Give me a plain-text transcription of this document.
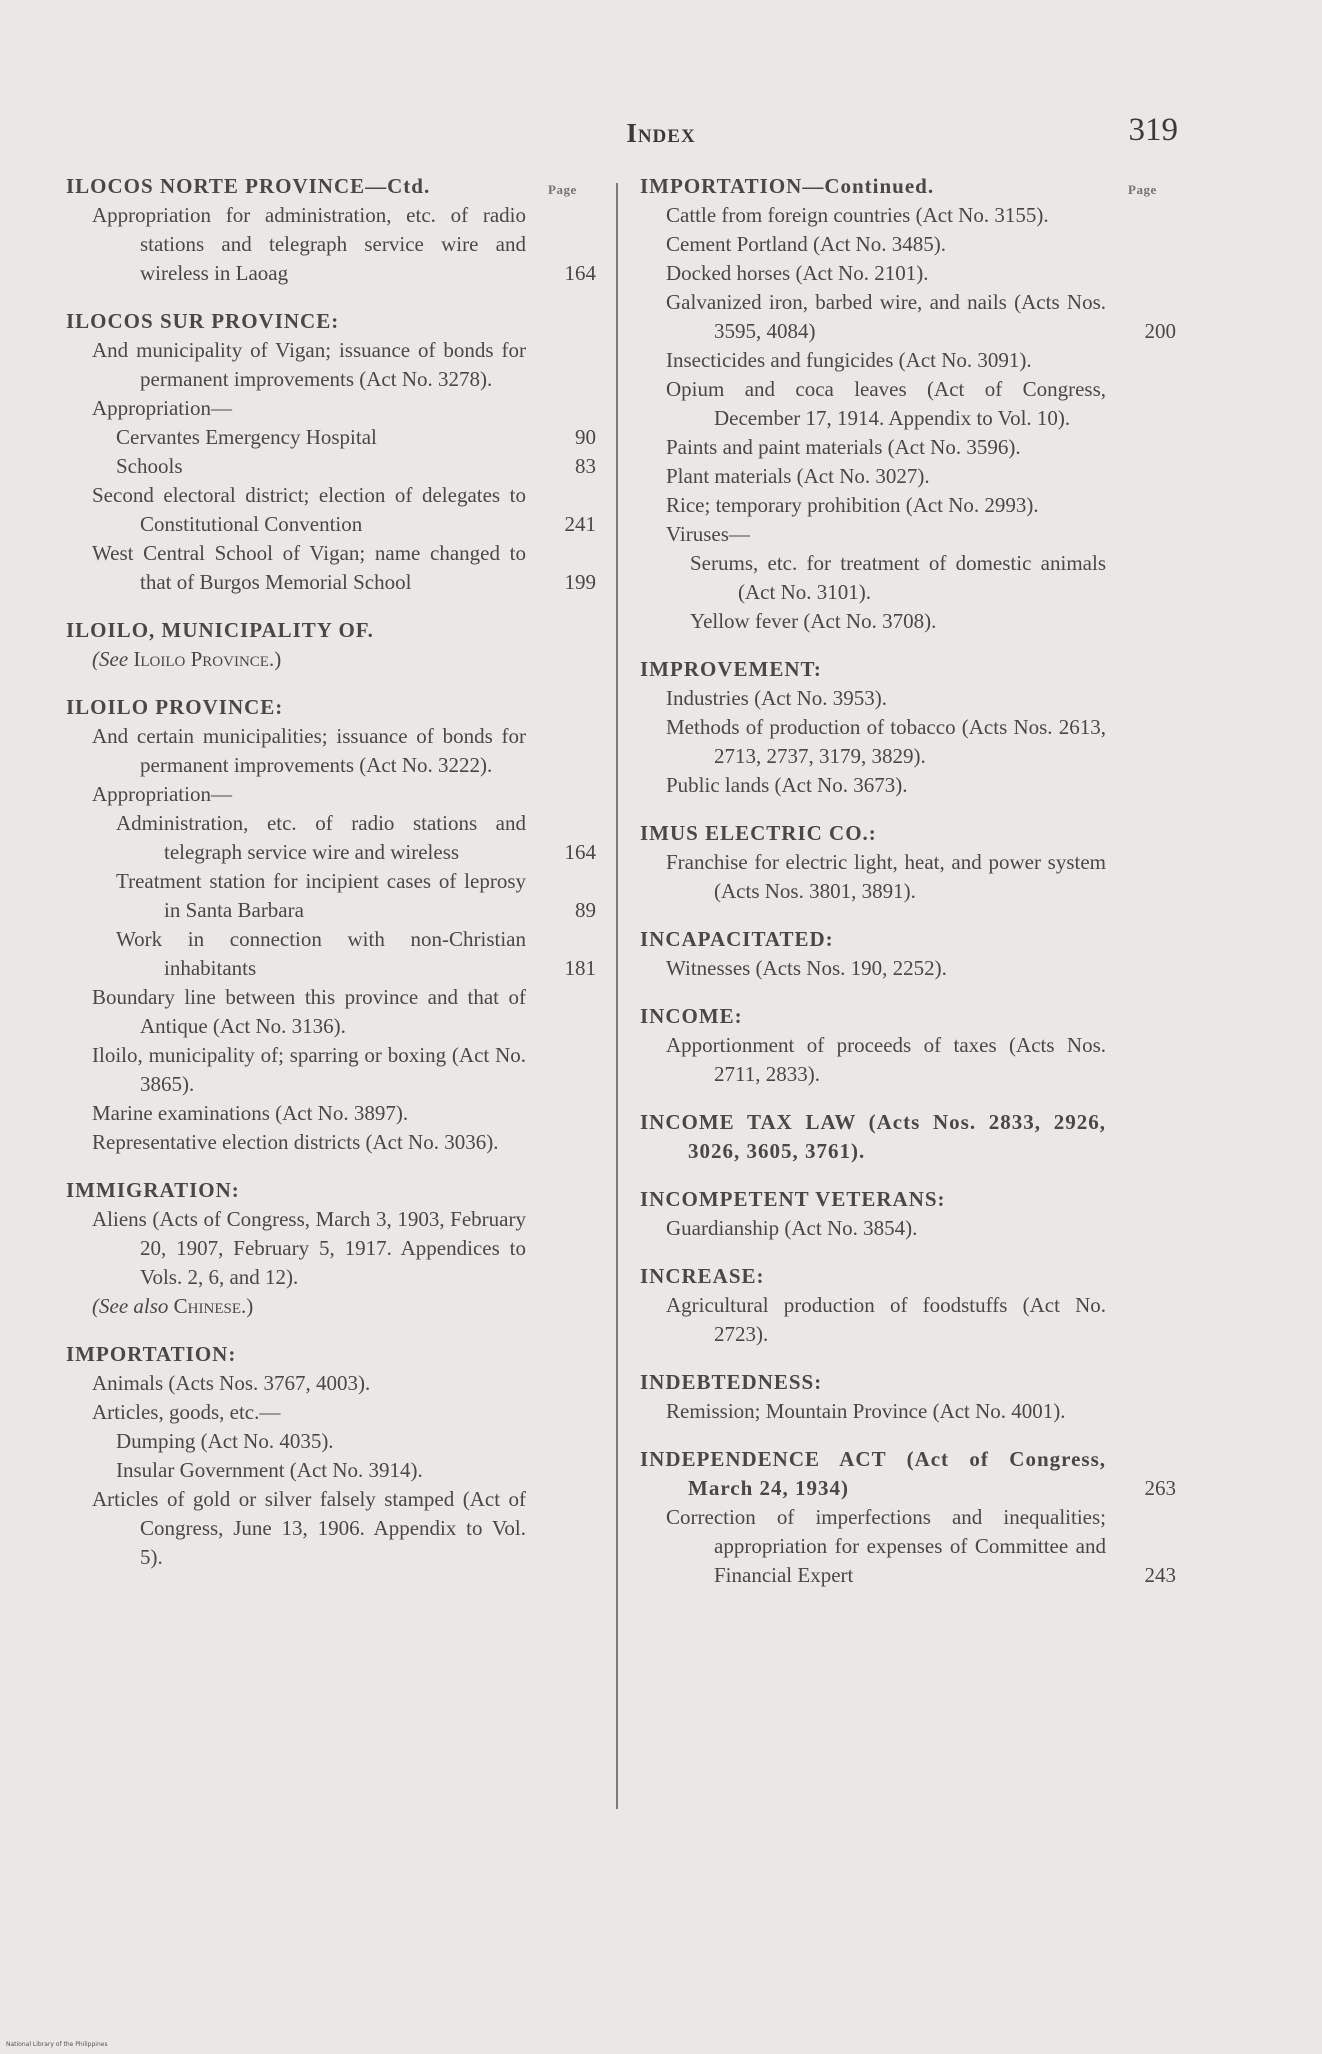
Index	319
Page	Page
ILOCOS NORTE PROVINCE—Ctd.
Appropriation for administration, etc. of radio stations and telegraph service wire and wireless in Laoag	164
ILOCOS SUR PROVINCE:
And municipality of Vigan; issuance of bonds for permanent improvements (Act No. 3278).
Appropriation—
Cervantes Emergency Hospital	90
Schools	83
Second electoral district; election of delegates to Constitutional Convention	241
West Central School of Vigan; name changed to that of Burgos Memorial School	199
ILOILO, MUNICIPALITY OF.
(See Iloilo Province.)
ILOILO PROVINCE:
And certain municipalities; issuance of bonds for permanent improvements (Act No. 3222).
Appropriation—
Administration, etc. of radio stations and telegraph service wire and wireless	164
Treatment station for incipient cases of leprosy in Santa Barbara	89
Work in connection with non-Christian inhabitants	181
Boundary line between this province and that of Antique (Act No. 3136).
Iloilo, municipality of; sparring or boxing (Act No. 3865).
Marine examinations (Act No. 3897).
Representative election districts (Act No. 3036).
IMMIGRATION:
Aliens (Acts of Congress, March 3, 1903, February 20, 1907, February 5, 1917. Appendices to Vols. 2, 6, and 12).
(See also Chinese.)
IMPORTATION:
Animals (Acts Nos. 3767, 4003).
Articles, goods, etc.—
Dumping (Act No. 4035).
Insular Government (Act No. 3914).
Articles of gold or silver falsely stamped (Act of Congress, June 13, 1906. Appendix to Vol. 5).
IMPORTATION—Continued.
Cattle from foreign countries (Act No. 3155).
Cement Portland (Act No. 3485).
Docked horses (Act No. 2101).
Galvanized iron, barbed wire, and nails (Acts Nos. 3595, 4084)	200
Insecticides and fungicides (Act No. 3091).
Opium and coca leaves (Act of Congress, December 17, 1914. Appendix to Vol. 10).
Paints and paint materials (Act No. 3596).
Plant materials (Act No. 3027).
Rice; temporary prohibition (Act No. 2993).
Viruses—
Serums, etc. for treatment of domestic animals (Act No. 3101).
Yellow fever (Act No. 3708).
IMPROVEMENT:
Industries (Act No. 3953).
Methods of production of tobacco (Acts Nos. 2613, 2713, 2737, 3179, 3829).
Public lands (Act No. 3673).
IMUS ELECTRIC CO.:
Franchise for electric light, heat, and power system (Acts Nos. 3801, 3891).
INCAPACITATED:
Witnesses (Acts Nos. 190, 2252).
INCOME:
Apportionment of proceeds of taxes (Acts Nos. 2711, 2833).
INCOME TAX LAW (Acts Nos. 2833, 2926, 3026, 3605, 3761).
INCOMPETENT VETERANS:
Guardianship (Act No. 3854).
INCREASE:
Agricultural production of foodstuffs (Act No. 2723).
INDEBTEDNESS:
Remission; Mountain Province (Act No. 4001).
INDEPENDENCE ACT (Act of Congress, March 24, 1934)	263
Correction of imperfections and inequalities; appropriation for expenses of Committee and Financial Expert	243
National Library of the Philippines
